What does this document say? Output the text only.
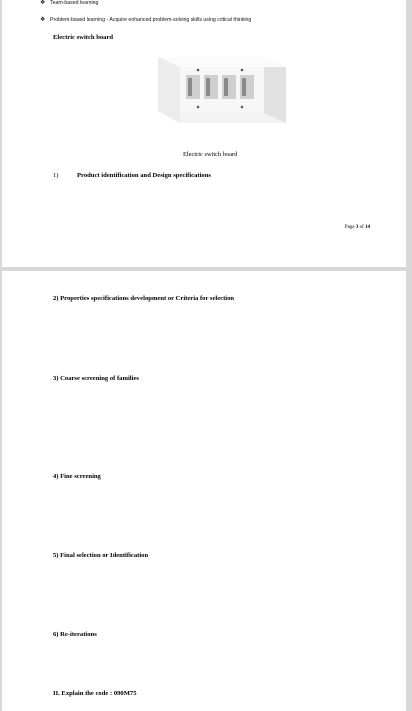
❖ Team-based learning
❖ Problem-based learning - Acquire enhanced problem-solving skills using critical thinking
Electric switch board
Electric switch board
1)	Product identification and Design specifications
Page 3 of 14
2) Properties specifications development or Criteria for selection
3) Coarse screening of families
4) Fine screening
5) Final selection or Identification
6) Re-iterations
II. Explain the code : 090M75
